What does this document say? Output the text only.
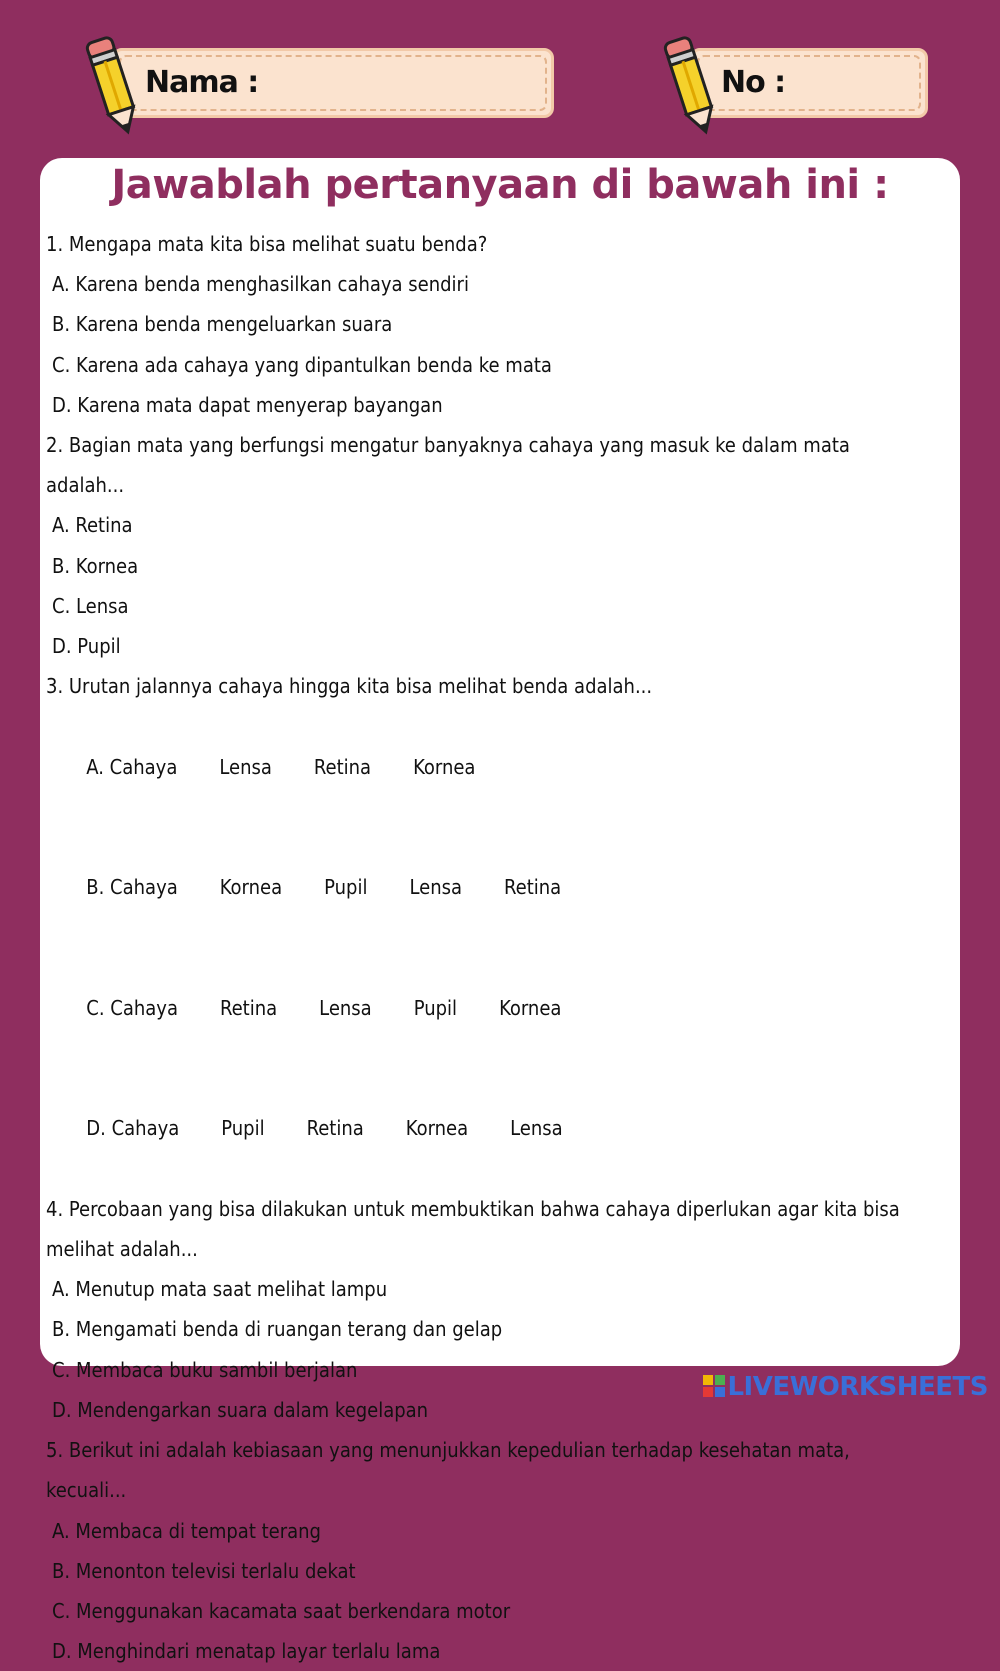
Nama :	No :
Jawablah pertanyaan di bawah ini :
1. Mengapa mata kita bisa melihat suatu benda?
A. Karena benda menghasilkan cahaya sendiri
B. Karena benda mengeluarkan suara
C. Karena ada cahaya yang dipantulkan benda ke mata
D. Karena mata dapat menyerap bayangan
2. Bagian mata yang berfungsi mengatur banyaknya cahaya yang masuk ke dalam mata
adalah...
A. Retina
B. Kornea
C. Lensa
D. Pupil
3. Urutan jalannya cahaya hingga kita bisa melihat benda adalah...

A. Cahaya Lensa Retina Kornea

B. Cahaya Kornea Pupil Lensa Retina

C. Cahaya Retina Lensa Pupil Kornea

D. Cahaya Pupil Retina Kornea Lensa

4. Percobaan yang bisa dilakukan untuk membuktikan bahwa cahaya diperlukan agar kita bisa
melihat adalah...
A. Menutup mata saat melihat lampu
B. Mengamati benda di ruangan terang dan gelap
C. Membaca buku sambil berjalan
D. Mendengarkan suara dalam kegelapan
5. Berikut ini adalah kebiasaan yang menunjukkan kepedulian terhadap kesehatan mata,
kecuali...
A. Membaca di tempat terang
B. Menonton televisi terlalu dekat
C. Menggunakan kacamata saat berkendara motor
D. Menghindari menatap layar terlalu lama
LIVEWORKSHEETS
